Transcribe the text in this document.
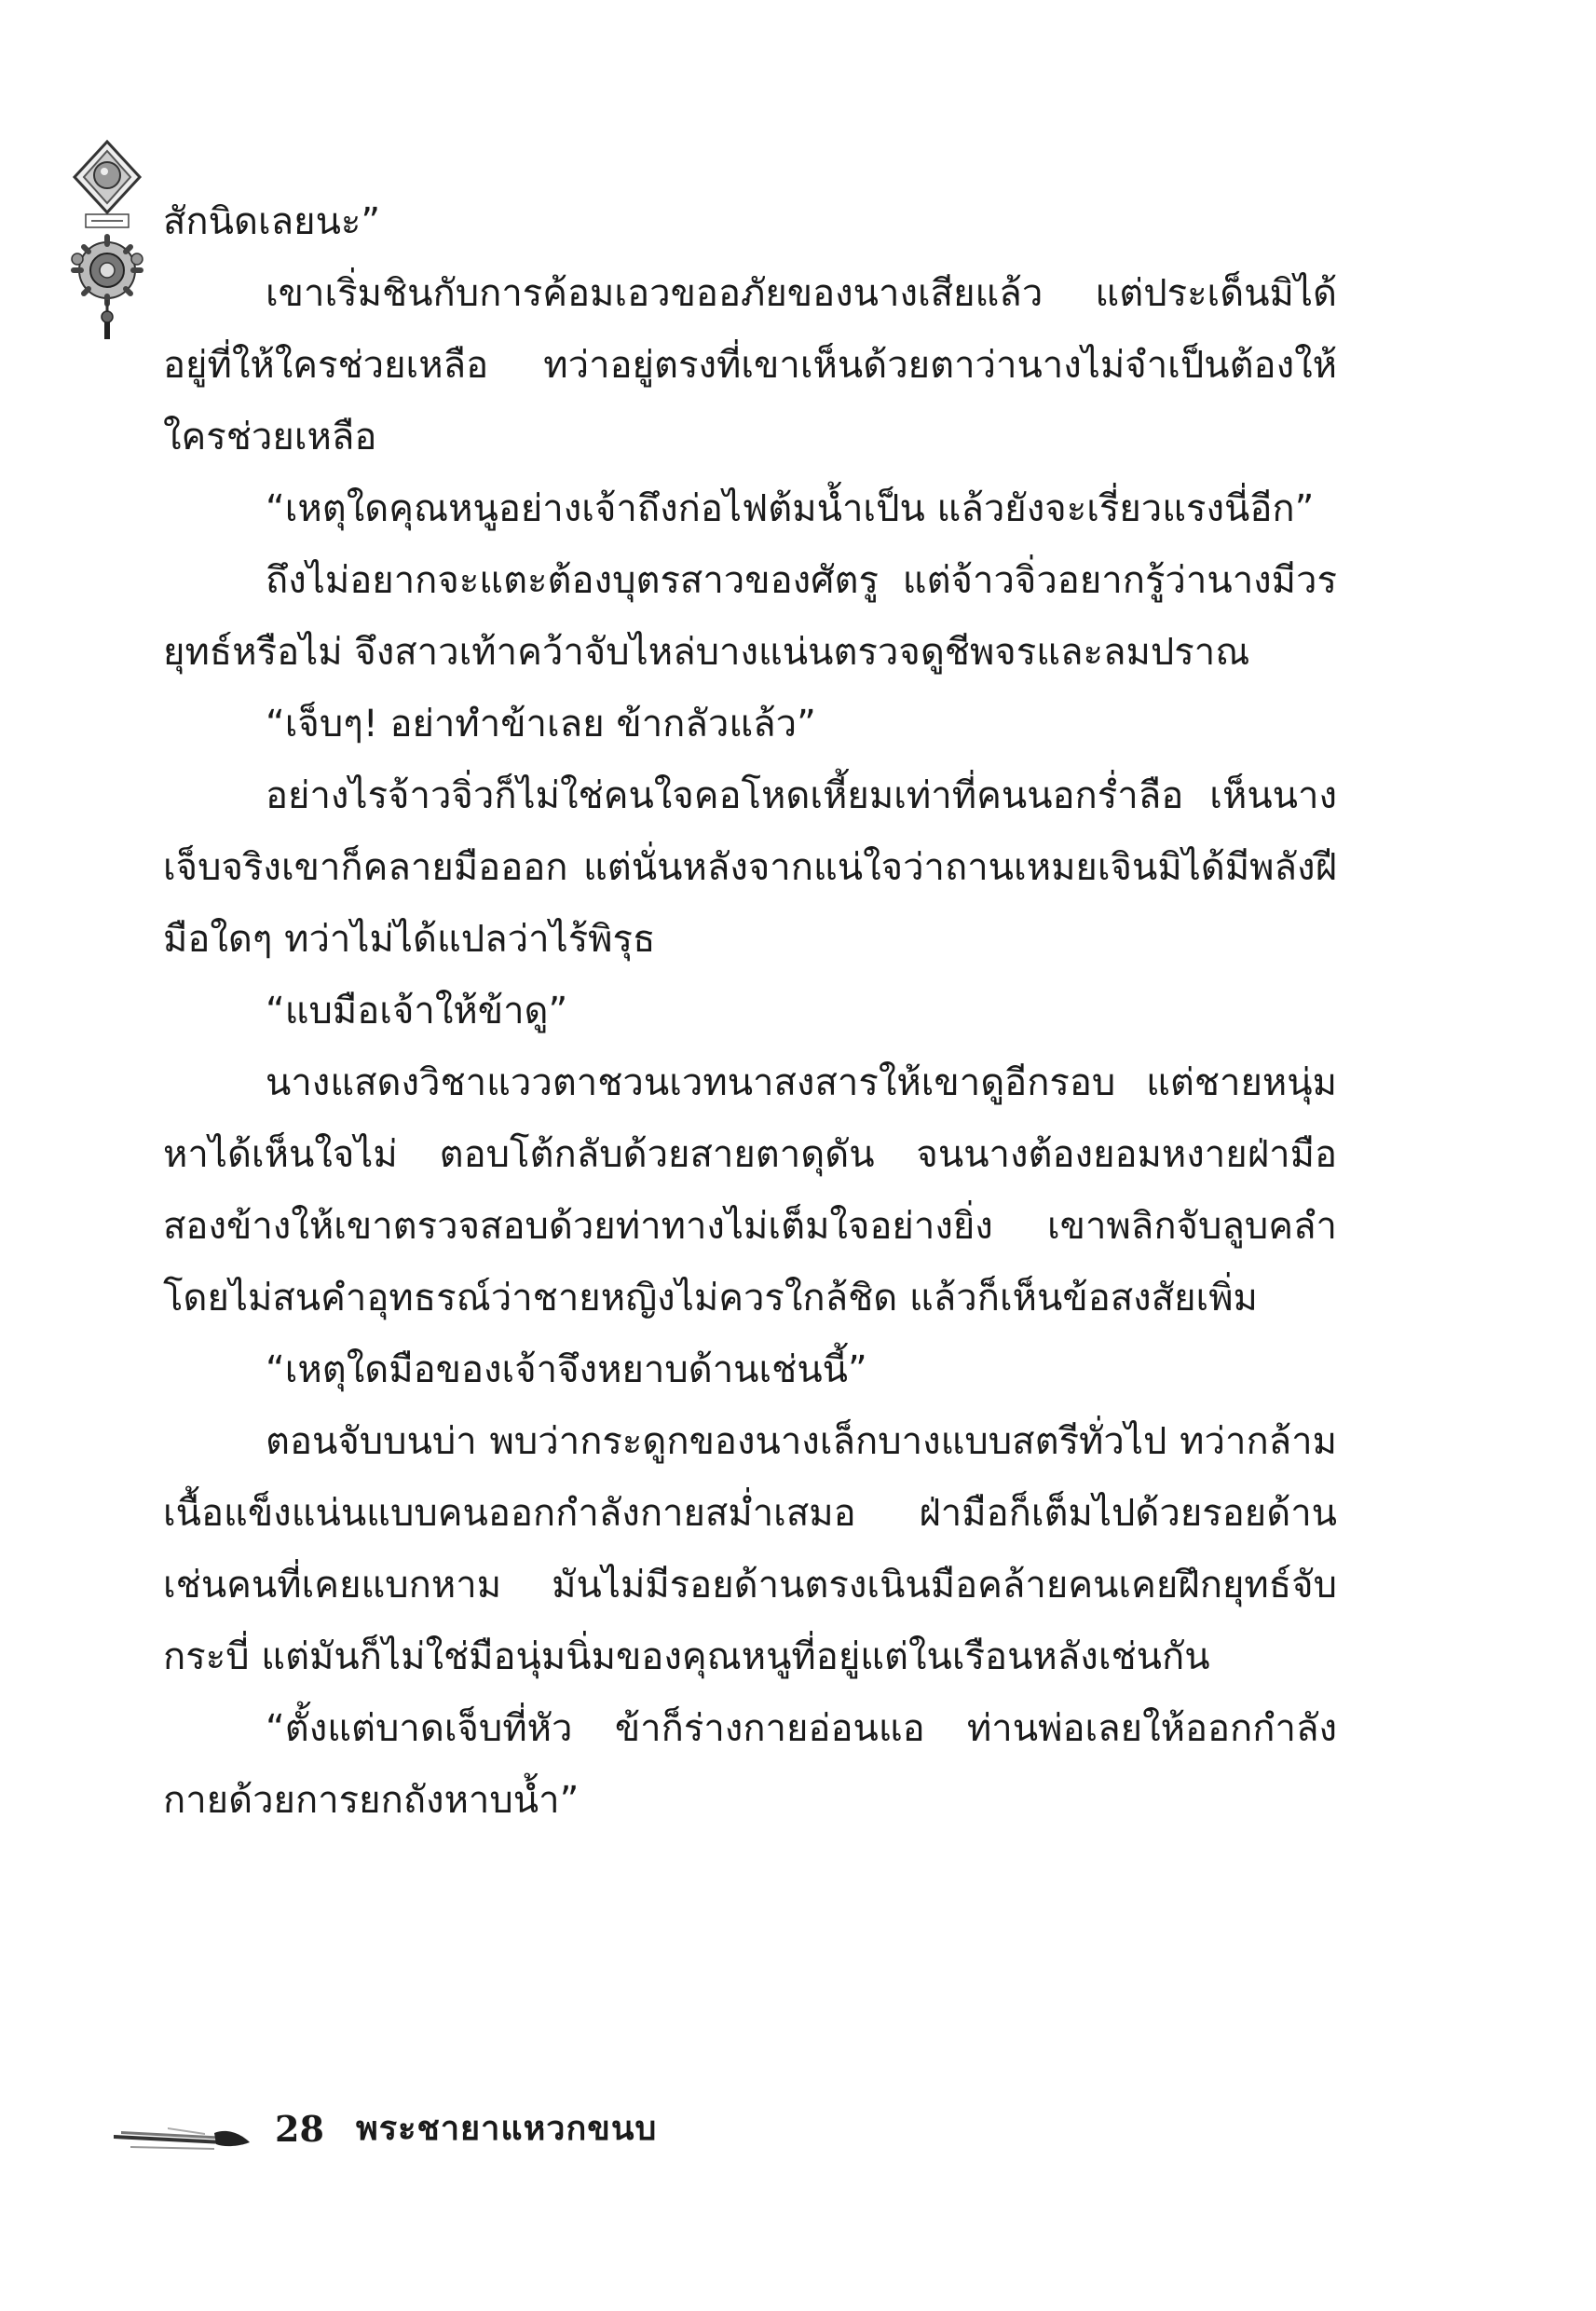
สักนิดเลยนะ”

เขาเริ่มชินกับการค้อมเอวขออภัยของนางเสียแล้ว แต่ประเด็นมิได้อยู่ที่ให้ใครช่วยเหลือ ทว่าอยู่ตรงที่เขาเห็นด้วยตาว่านางไม่จำเป็นต้องให้ใครช่วยเหลือ

“เหตุใดคุณหนูอย่างเจ้าถึงก่อไฟต้มน้ำเป็น แล้วยังจะเรี่ยวแรงนี่อีก”

ถึงไม่อยากจะแตะต้องบุตรสาวของศัตรู แต่จ้าวจิ่วอยากรู้ว่านางมีวรยุทธ์หรือไม่ จึงสาวเท้าคว้าจับไหล่บางแน่นตรวจดูชีพจรและลมปราณ

“เจ็บๆ! อย่าทำข้าเลย ข้ากลัวแล้ว”

อย่างไรจ้าวจิ่วก็ไม่ใช่คนใจคอโหดเหี้ยมเท่าที่คนนอกร่ำลือ เห็นนางเจ็บจริงเขาก็คลายมือออก แต่นั่นหลังจากแน่ใจว่าถานเหมยเจินมิได้มีพลังฝีมือใดๆ ทว่าไม่ได้แปลว่าไร้พิรุธ

“แบมือเจ้าให้ข้าดู”

นางแสดงวิชาแววตาชวนเวทนาสงสารให้เขาดูอีกรอบ แต่ชายหนุ่มหาได้เห็นใจไม่ ตอบโต้กลับด้วยสายตาดุดัน จนนางต้องยอมหงายฝ่ามือสองข้างให้เขาตรวจสอบด้วยท่าทางไม่เต็มใจอย่างยิ่ง เขาพลิกจับลูบคลำโดยไม่สนคำอุทธรณ์ว่าชายหญิงไม่ควรใกล้ชิด แล้วก็เห็นข้อสงสัยเพิ่ม

“เหตุใดมือของเจ้าจึงหยาบด้านเช่นนี้”

ตอนจับบนบ่า พบว่ากระดูกของนางเล็กบางแบบสตรีทั่วไป ทว่ากล้ามเนื้อแข็งแน่นแบบคนออกกำลังกายสม่ำเสมอ ฝ่ามือก็เต็มไปด้วยรอยด้านเช่นคนที่เคยแบกหาม มันไม่มีรอยด้านตรงเนินมือคล้ายคนเคยฝึกยุทธ์จับกระบี่ แต่มันก็ไม่ใช่มือนุ่มนิ่มของคุณหนูที่อยู่แต่ในเรือนหลังเช่นกัน

“ตั้งแต่บาดเจ็บที่หัว ข้าก็ร่างกายอ่อนแอ ท่านพ่อเลยให้ออกกำลังกายด้วยการยกถังหาบน้ำ”

28 พระชายาแหวกขนบ
